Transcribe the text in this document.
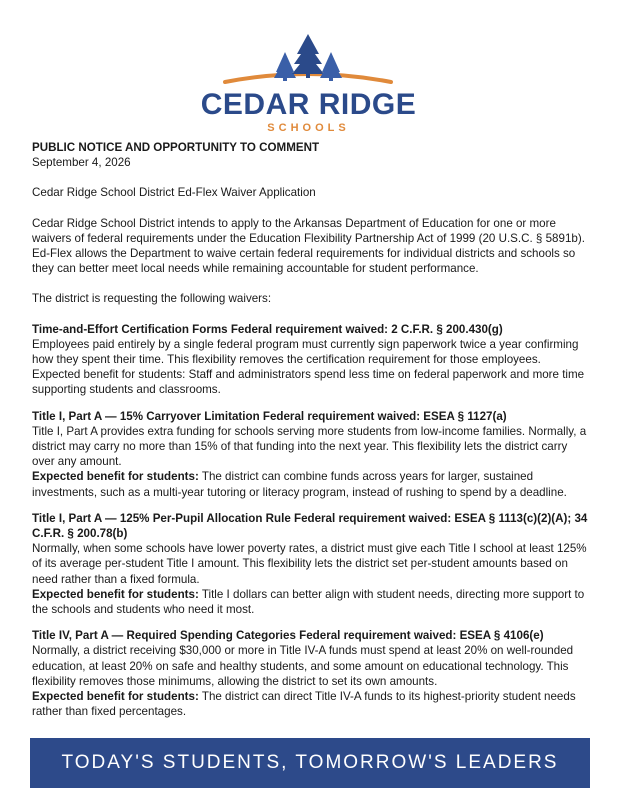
CEDAR RIDGE
SCHOOLS

PUBLIC NOTICE AND OPPORTUNITY TO COMMENT

September 4, 2026

Cedar Ridge School District Ed-Flex Waiver Application

Cedar Ridge School District intends to apply to the Arkansas Department of Education for one or more waivers of federal requirements under the Education Flexibility Partnership Act of 1999 (20 U.S.C. § 5891b). Ed-Flex allows the Department to waive certain federal requirements for individual districts and schools so they can better meet local needs while remaining accountable for student performance.

The district is requesting the following waivers:

Time-and-Effort Certification Forms Federal requirement waived: 2 C.F.R. § 200.430(g)

Employees paid entirely by a single federal program must currently sign paperwork twice a year confirming how they spent their time. This flexibility removes the certification requirement for those employees. Expected benefit for students: Staff and administrators spend less time on federal paperwork and more time supporting students and classrooms.

Title I, Part A — 15% Carryover Limitation Federal requirement waived: ESEA § 1127(a)

Title I, Part A provides extra funding for schools serving more students from low-income families. Normally, a district may carry no more than 15% of that funding into the next year. This flexibility lets the district carry over any amount.

Expected benefit for students: The district can combine funds across years for larger, sustained investments, such as a multi-year tutoring or literacy program, instead of rushing to spend by a deadline.

Title I, Part A — 125% Per-Pupil Allocation Rule Federal requirement waived: ESEA § 1113(c)(2)(A); 34 C.F.R. § 200.78(b)

Normally, when some schools have lower poverty rates, a district must give each Title I school at least 125% of its average per-student Title I amount. This flexibility lets the district set per-student amounts based on need rather than a fixed formula.

Expected benefit for students: Title I dollars can better align with student needs, directing more support to the schools and students who need it most.

Title IV, Part A — Required Spending Categories Federal requirement waived: ESEA § 4106(e)

Normally, a district receiving $30,000 or more in Title IV-A funds must spend at least 20% on well-rounded education, at least 20% on safe and healthy students, and some amount on educational technology. This flexibility removes those minimums, allowing the district to set its own amounts.

Expected benefit for students: The district can direct Title IV-A funds to its highest-priority student needs rather than fixed percentages.

TODAY'S STUDENTS, TOMORROW'S LEADERS
